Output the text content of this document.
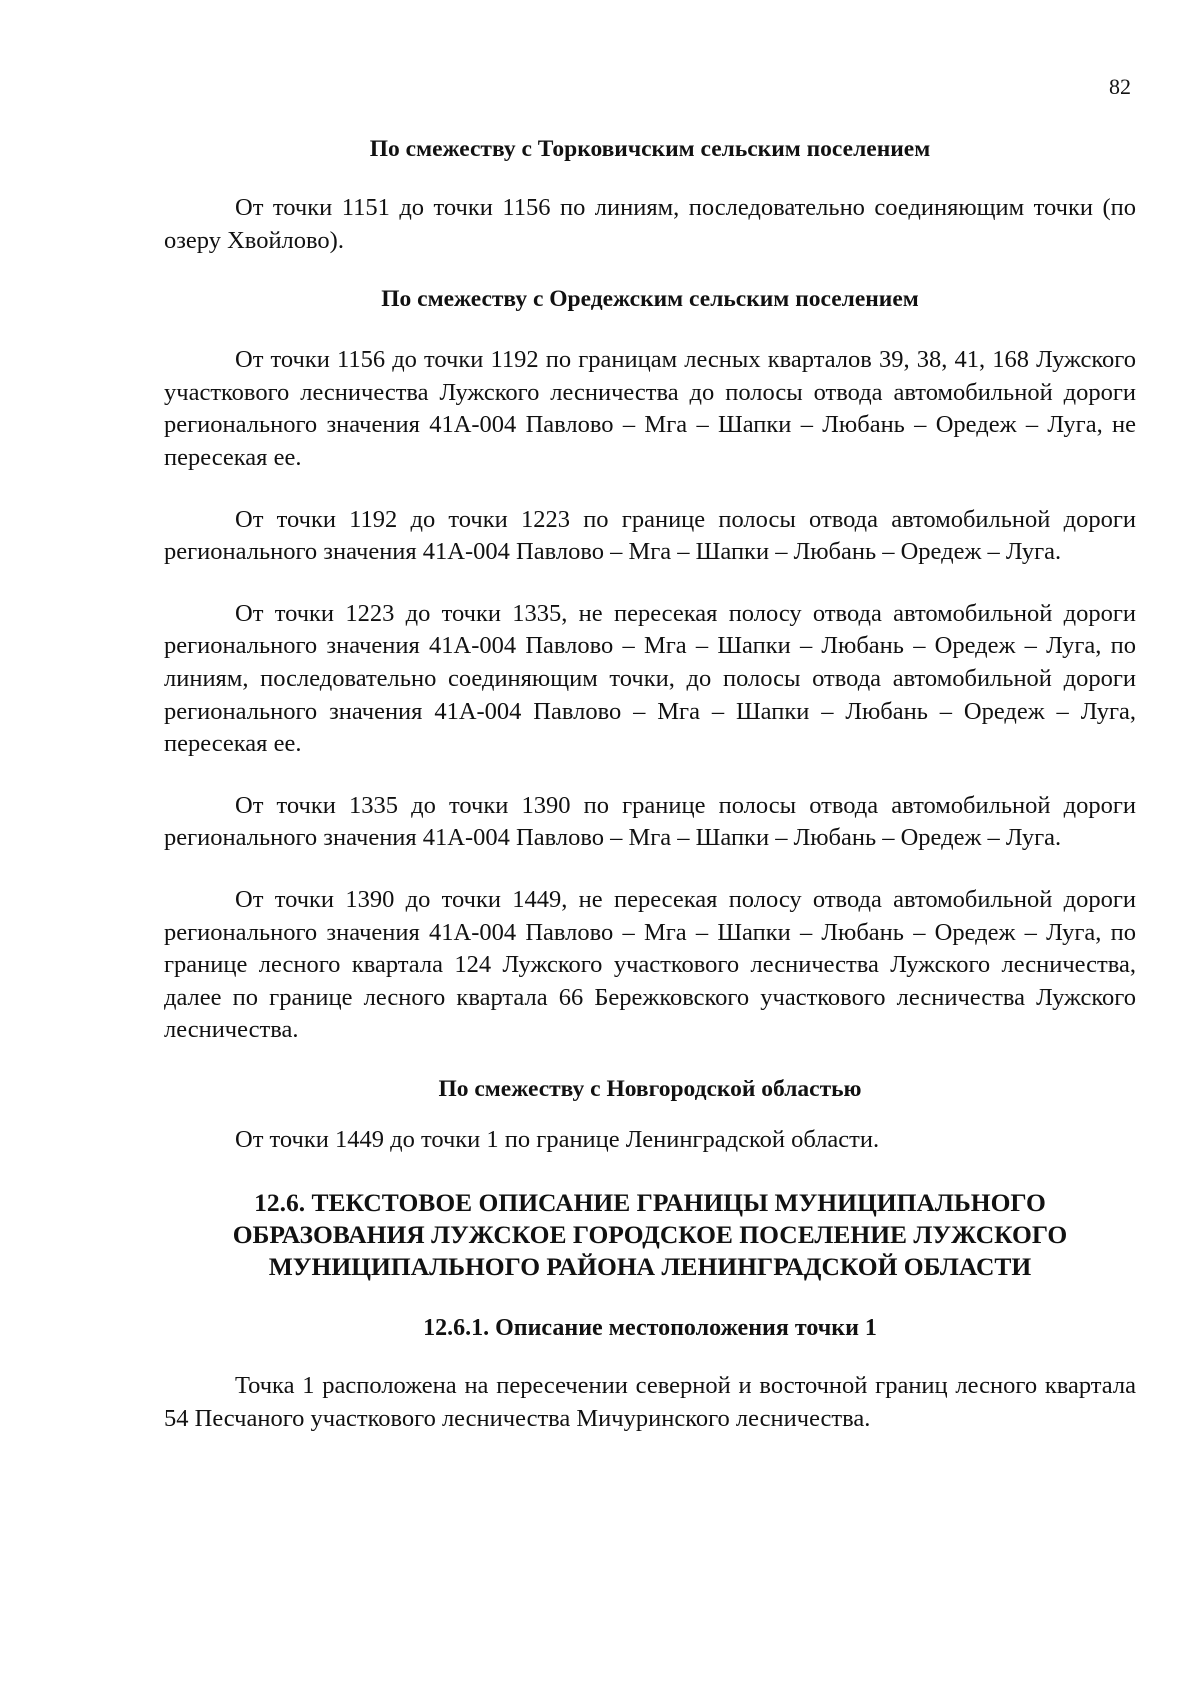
82

По смежеству с Торковичским сельским поселением

От точки 1151 до точки 1156 по линиям, последовательно соединяющим точки (по озеру Хвойлово).

По смежеству с Оредежским сельским поселением

От точки 1156 до точки 1192 по границам лесных кварталов 39, 38, 41, 168 Лужского участкового лесничества Лужского лесничества до полосы отвода автомобильной дороги регионального значения 41А-004 Павлово – Мга – Шапки – Любань – Оредеж – Луга, не пересекая ее.

От точки 1192 до точки 1223 по границе полосы отвода автомобильной дороги регионального значения 41А-004 Павлово – Мга – Шапки – Любань – Оредеж – Луга.

От точки 1223 до точки 1335, не пересекая полосу отвода автомобильной дороги регионального значения 41А-004 Павлово – Мга – Шапки – Любань – Оредеж – Луга, по линиям, последовательно соединяющим точки, до полосы отвода автомобильной дороги регионального значения 41А-004 Павлово – Мга – Шапки – Любань – Оредеж – Луга, пересекая ее.

От точки 1335 до точки 1390 по границе полосы отвода автомобильной дороги регионального значения 41А-004 Павлово – Мга – Шапки – Любань – Оредеж – Луга.

От точки 1390 до точки 1449, не пересекая полосу отвода автомобильной дороги регионального значения 41А-004 Павлово – Мга – Шапки – Любань – Оредеж – Луга, по границе лесного квартала 124 Лужского участкового лесничества Лужского лесничества, далее по границе лесного квартала 66 Бережковского участкового лесничества Лужского лесничества.

По смежеству с Новгородской областью

От точки 1449 до точки 1 по границе Ленинградской области.

12.6. ТЕКСТОВОЕ ОПИСАНИЕ ГРАНИЦЫ МУНИЦИПАЛЬНОГО ОБРАЗОВАНИЯ ЛУЖСКОЕ ГОРОДСКОЕ ПОСЕЛЕНИЕ ЛУЖСКОГО МУНИЦИПАЛЬНОГО РАЙОНА ЛЕНИНГРАДСКОЙ ОБЛАСТИ

12.6.1. Описание местоположения точки 1

Точка 1 расположена на пересечении северной и восточной границ лесного квартала 54 Песчаного участкового лесничества Мичуринского лесничества.
